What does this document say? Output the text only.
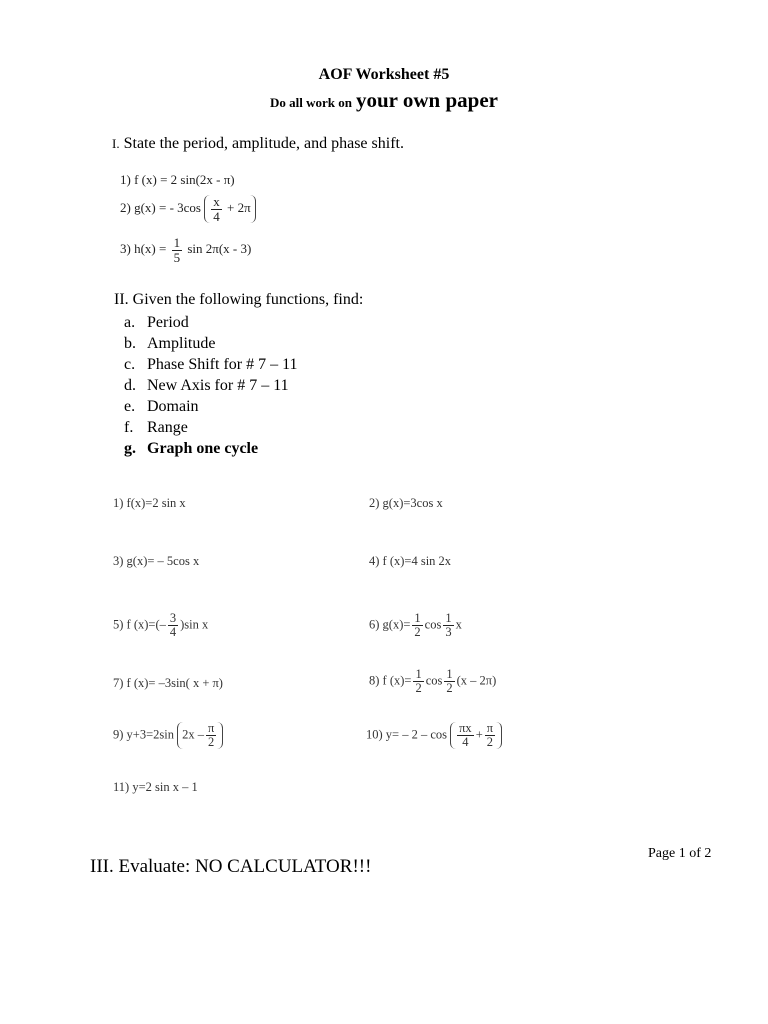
AOF Worksheet #5
Do all work on your own paper
I. State the period, amplitude, and phase shift.
1) f (x) = 2 sin(2x - π)
2) g(x) = - $3\cos \frac{x}{4} + 2\pi$
3) $h(x) = \frac{1}{5}$ sin 2π(x - 3)
II. Given the following functions, find:
a. Period
b. Amplitude
c. Phase Shift for # 7 – 11
d. New Axis for # 7 – 11
e. Domain
f. Range
g. Graph one cycle
1) f(x)=2 sin x	2) g(x)=3cos x
3) g(x)= – 5cos x	4) f (x)=4 sin 2x
5) f $(x)=(- \frac{3}{4} )\sin$ x	6) $g(x)= \frac{1}{2}$ $\cos \frac{1}{3}$ x
7) f (x)= –3sin( x + π)	8) f $(x)= \frac{1}{2}$ $\cos \frac{1}{2} (x - 2\pi)$
9) y+3=2sin $2x - \frac{\pi}{2}$	10) $y= - 2 - \cos \frac{\pi x}{4} + \frac{\pi}{2}$
11) y=2 sin x – 1
Page 1 of 2
III. Evaluate: NO CALCULATOR!!!
